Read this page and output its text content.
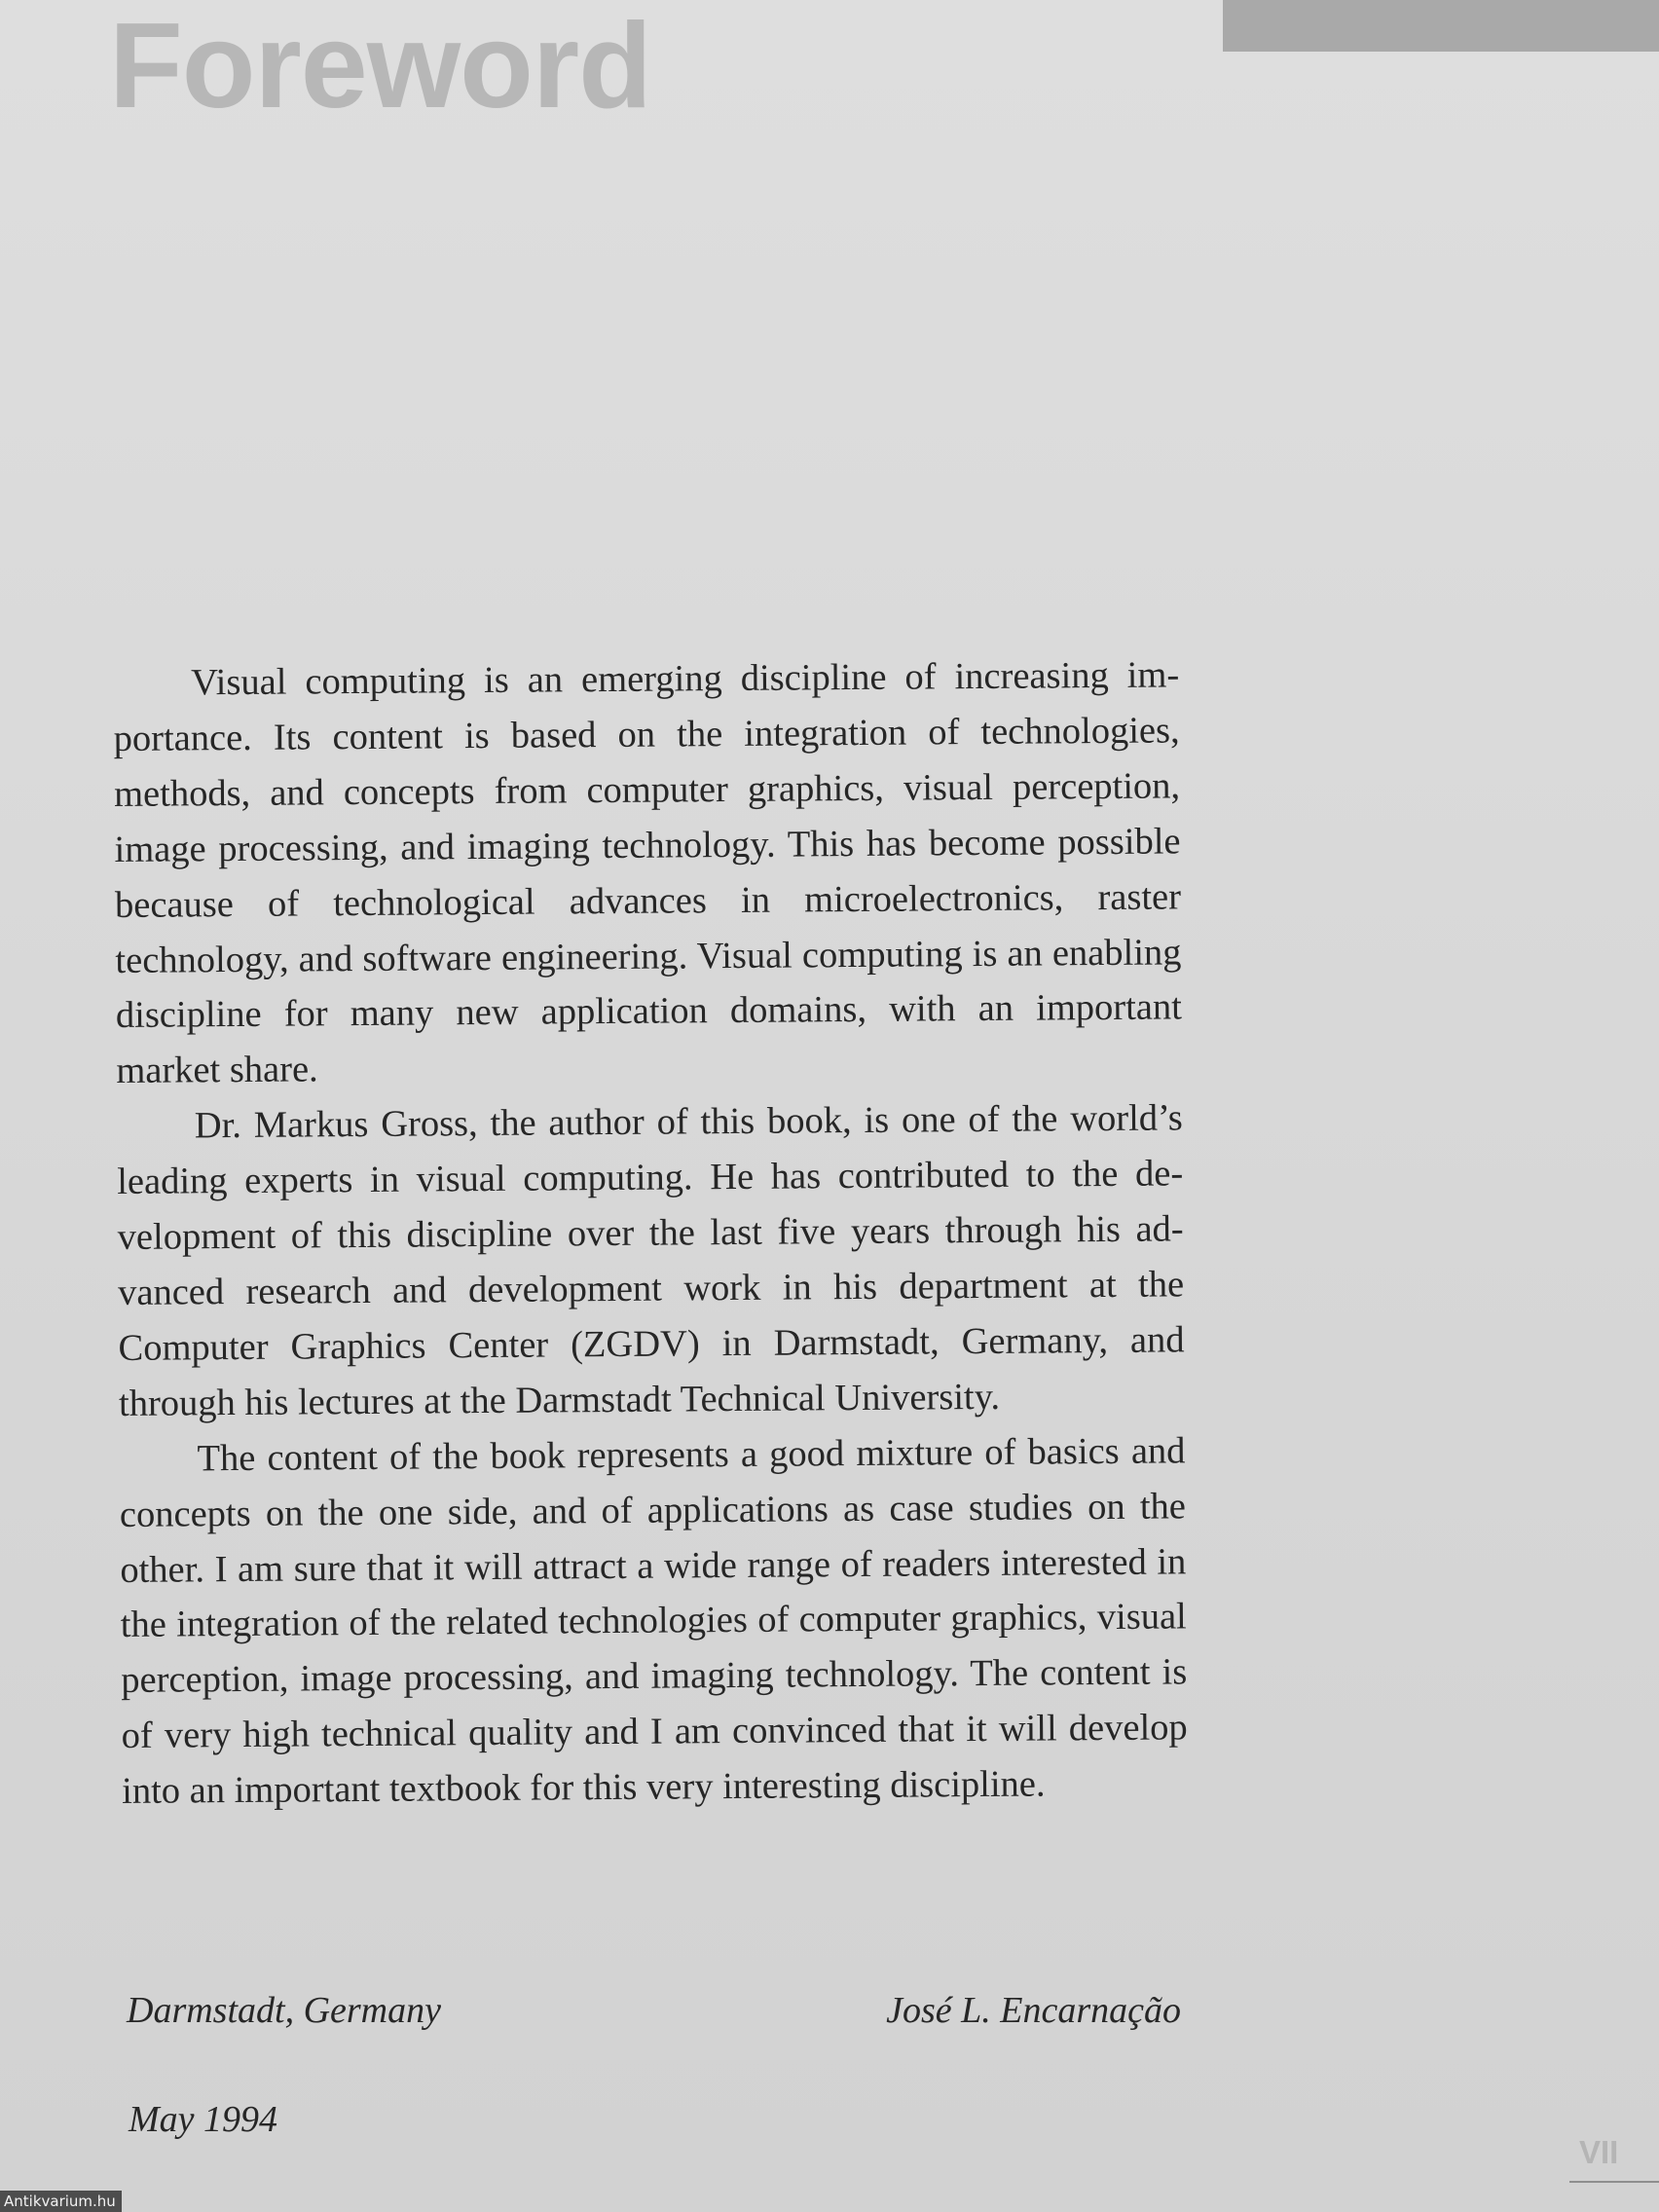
Foreword

Visual computing is an emerging discipline of increasing importance. Its content is based on the integration of technologies, methods, and concepts from computer graphics, visual perception, image processing, and imaging technology. This has become possible because of technological advances in microelectronics, raster technology, and software engineering. Visual computing is an enabling discipline for many new application domains, with an important market share.

Dr. Markus Gross, the author of this book, is one of the world’s leading experts in visual computing. He has contributed to the development of this discipline over the last five years through his advanced research and development work in his department at the Computer Graphics Center (ZGDV) in Darmstadt, Germany, and through his lectures at the Darmstadt Technical University.

The content of the book represents a good mixture of basics and concepts on the one side, and of applications as case studies on the other. I am sure that it will attract a wide range of readers interested in the integration of the related technologies of computer graphics, visual perception, image processing, and imaging technology. The content is of very high technical quality and I am convinced that it will develop into an important textbook for this very interesting discipline.

Darmstadt, Germany	José L. Encarnação
May 1994
VII
Antikvarium.hu
